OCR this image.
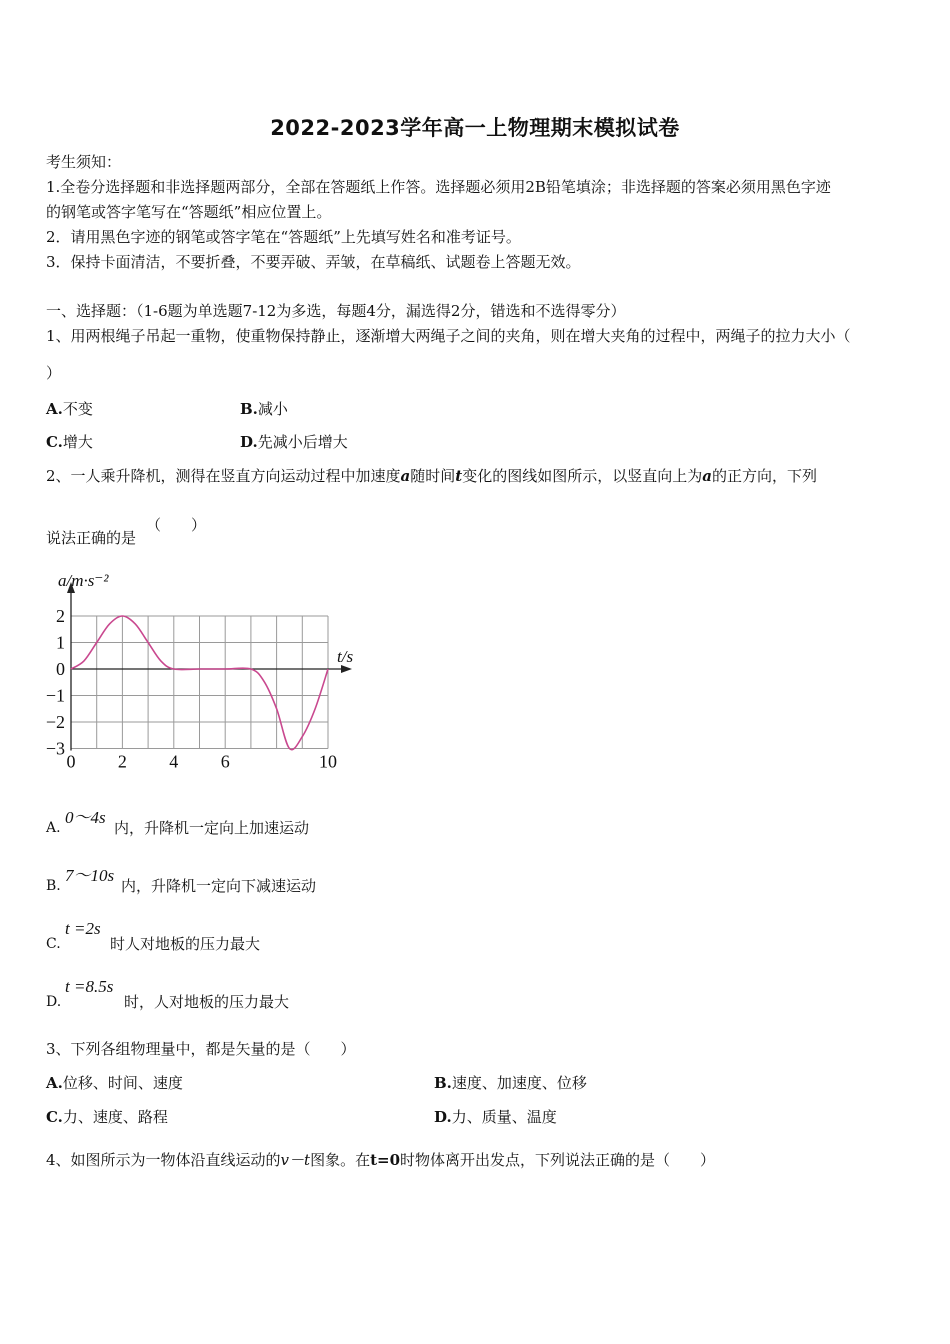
2022-2023学年高一上物理期末模拟试卷
考生须知：
1.全卷分选择题和非选择题两部分，全部在答题纸上作答。选择题必须用2B铅笔填涂；非选择题的答案必须用黑色字迹
的钢笔或答字笔写在“答题纸”相应位置上。
2．请用黑色字迹的钢笔或答字笔在“答题纸”上先填写姓名和准考证号。
3．保持卡面清洁，不要折叠，不要弄破、弄皱，在草稿纸、试题卷上答题无效。
一、选择题：（1-6题为单选题7-12为多选，每题4分，漏选得2分，错选和不选得零分）
1、用两根绳子吊起一重物，使重物保持静止，逐渐增大两绳子之间的夹角，则在增大夹角的过程中，两绳子的拉力大小（
）
A.不变	B.减小
C.增大	D.先减小后增大
2、一人乘升降机，测得在竖直方向运动过程中加速度a随时间t变化的图线如图所示，以竖直向上为a的正方向，下列
说法正确的是
（　　）
2
1
0
−1
−2
−3
0 2 4 6	10
a/m·s⁻²
t/s
A.
0～4s
内，升降机一定向上加速运动
B.
7～10s
内，升降机一定向下减速运动
C.
t =2s
时人对地板的压力最大
D.
t =8.5s
时，人对地板的压力最大
3、下列各组物理量中，都是矢量的是（　　）
A.位移、时间、速度	B.速度、加速度、位移
C.力、速度、路程	D.力、质量、温度
4、如图所示为一物体沿直线运动的v－t图象。在t=0时物体离开出发点，下列说法正确的是（　　）
